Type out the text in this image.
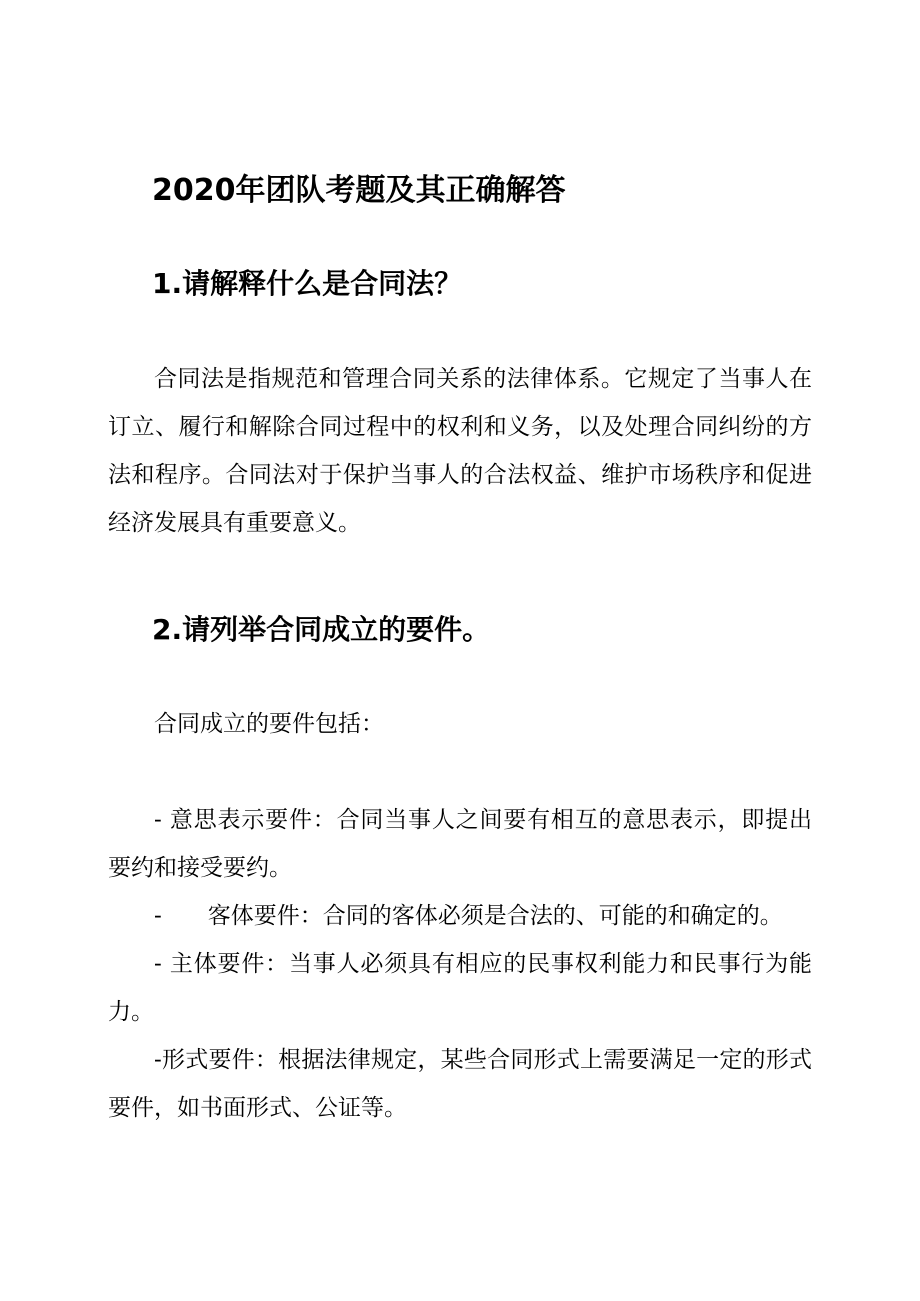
2020年团队考题及其正确解答
1.请解释什么是合同法？

合同法是指规范和管理合同关系的法律体系。它规定了当事人在订立、履行和解除合同过程中的权利和义务，以及处理合同纠纷的方法和程序。合同法对于保护当事人的合法权益、维护市场秩序和促进经济发展具有重要意义。

2.请列举合同成立的要件。

合同成立的要件包括：

- 意思表示要件：合同当事人之间要有相互的意思表示，即提出要约和接受要约。

- 客体要件：合同的客体必须是合法的、可能的和确定的。

- 主体要件：当事人必须具有相应的民事权利能力和民事行为能力。

-形式要件：根据法律规定，某些合同形式上需要满足一定的形式要件，如书面形式、公证等。
